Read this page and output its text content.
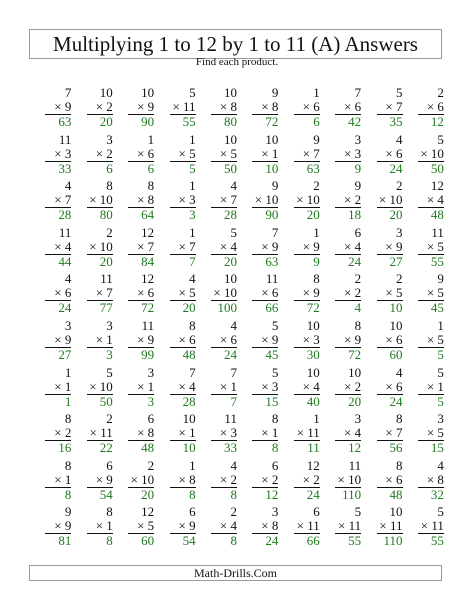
Multiplying 1 to 12 by 1 to 11 (A) Answers
Find each product.
7
× 9
63
10
× 2
20
10
× 9
90
5
× 11
55
10
× 8
80
9
× 8
72
1
× 6
6
7
× 6
42
5
× 7
35
2
× 6
12
11
× 3
33
3
× 2
6
1
× 6
6
1
× 5
5
10
× 5
50
10
× 1
10
9
× 7
63
3
× 3
9
4
× 6
24
5
× 10
50
4
× 7
28
8
× 10
80
8
× 8
64
1
× 3
3
4
× 7
28
9
× 10
90
2
× 10
20
9
× 2
18
2
× 10
20
12
× 4
48
11
× 4
44
2
× 10
20
12
× 7
84
1
× 7
7
5
× 4
20
7
× 9
63
1
× 9
9
6
× 4
24
3
× 9
27
11
× 5
55
4
× 6
24
11
× 7
77
12
× 6
72
4
× 5
20
10
× 10
100
11
× 6
66
8
× 9
72
2
× 2
4
2
× 5
10
9
× 5
45
3
× 9
27
3
× 1
3
11
× 9
99
8
× 6
48
4
× 6
24
5
× 9
45
10
× 3
30
8
× 9
72
10
× 6
60
1
× 5
5
1
× 1
1
5
× 10
50
3
× 1
3
7
× 4
28
7
× 1
7
5
× 3
15
10
× 4
40
10
× 2
20
4
× 6
24
5
× 1
5
8
× 2
16
2
× 11
22
6
× 8
48
10
× 1
10
11
× 3
33
8
× 1
8
1
× 11
11
3
× 4
12
8
× 7
56
3
× 5
15
8
× 1
8
6
× 9
54
2
× 10
20
1
× 8
8
4
× 2
8
6
× 2
12
12
× 2
24
11
× 10
110
8
× 6
48
4
× 8
32
9
× 9
81
8
× 1
8
12
× 5
60
6
× 9
54
2
× 4
8
3
× 8
24
6
× 11
66
5
× 11
55
10
× 11
110
5
× 11
55
Math-Drills.Com
